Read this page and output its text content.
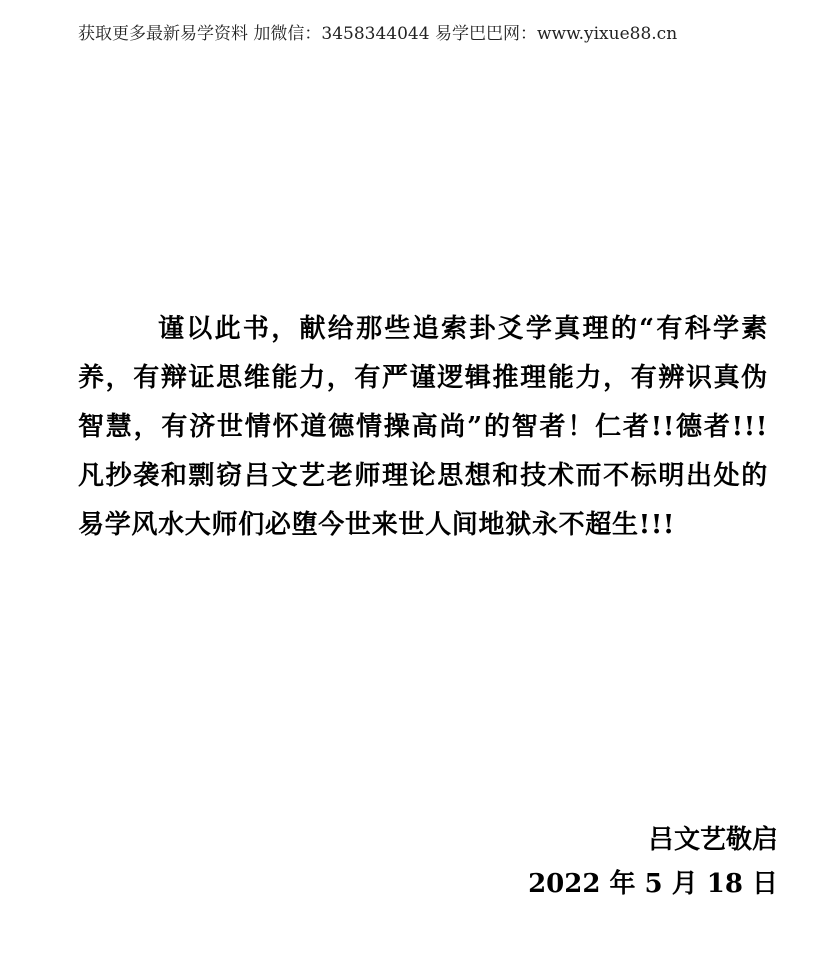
获取更多最新易学资料 加微信：3458344044 易学巴巴网：www.yixue88.cn

谨以此书，献给那些追索卦爻学真理的“有科学素养，有辩证思维能力，有严谨逻辑推理能力，有辨识真伪智慧，有济世情怀道德情操高尚”的智者！仁者!!德者!!! 凡抄袭和剽窃吕文艺老师理论思想和技术而不标明出处的易学风水大师们必堕今世来世人间地狱永不超生!!!

吕文艺敬启
2022 年 5 月 18 日
